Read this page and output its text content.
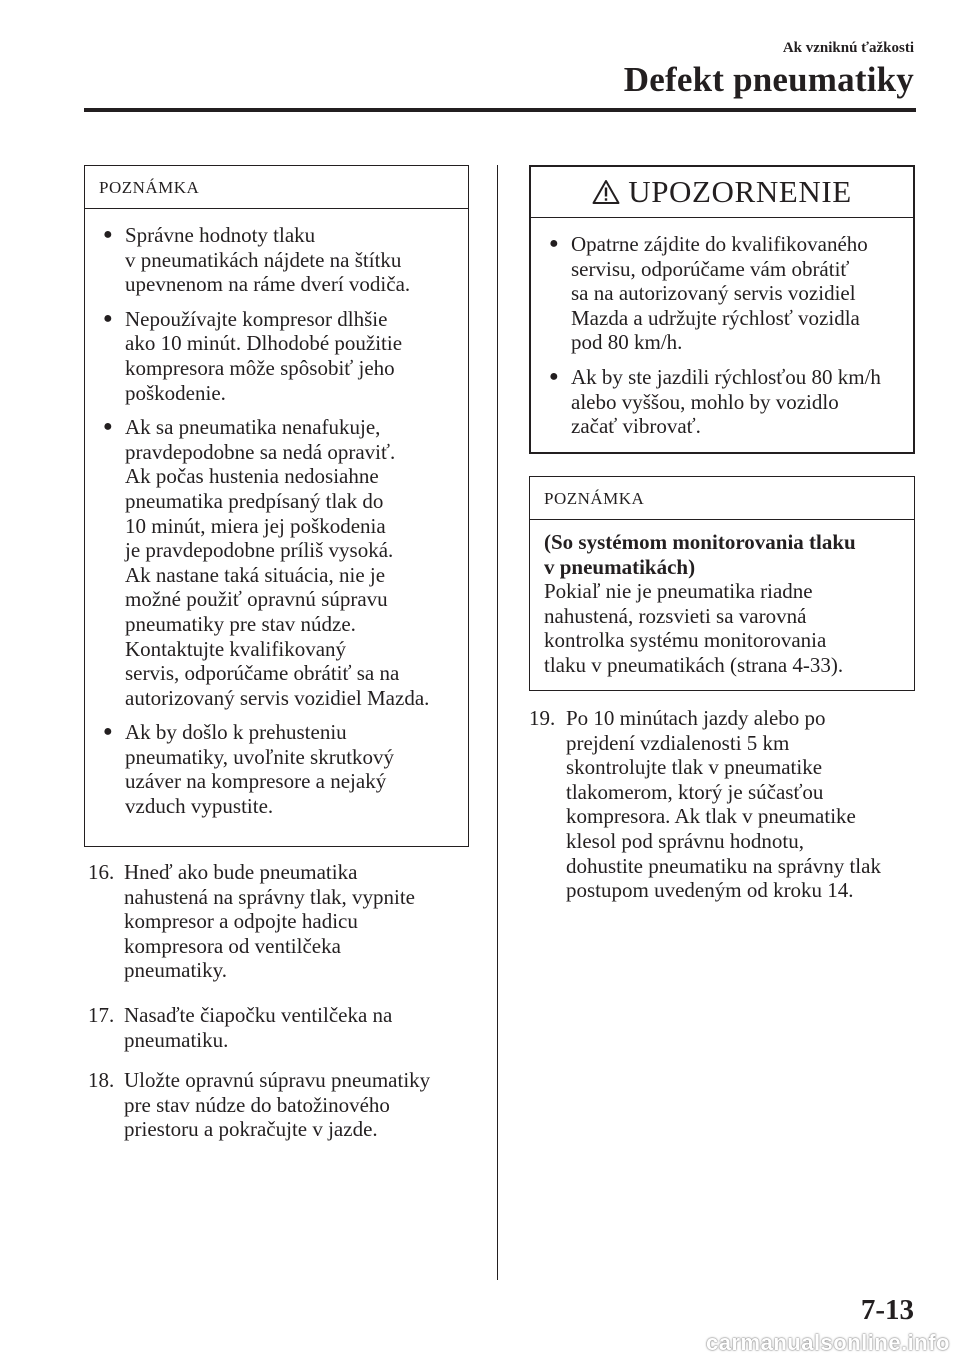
Ak vzniknú ťažkosti
Defekt pneumatiky
POZNÁMKA
● Správne hodnoty tlaku
v pneumatikách nájdete na štítku
upevnenom na ráme dverí vodiča.
● Nepoužívajte kompresor dlhšie
ako 10 minút. Dlhodobé použitie
kompresora môže spôsobiť jeho
poškodenie.
● Ak sa pneumatika nenafukuje,
pravdepodobne sa nedá opraviť.
Ak počas hustenia nedosiahne
pneumatika predpísaný tlak do
10 minút, miera jej poškodenia
je pravdepodobne príliš vysoká.
Ak nastane taká situácia, nie je
možné použiť opravnú súpravu
pneumatiky pre stav núdze.
Kontaktujte kvalifikovaný
servis, odporúčame obrátiť sa na
autorizovaný servis vozidiel Mazda.
● Ak by došlo k prehusteniu
pneumatiky, uvoľnite skrutkový
uzáver na kompresore a nejaký
vzduch vypustite.
16. Hneď ako bude pneumatika
nahustená na správny tlak, vypnite
kompresor a odpojte hadicu
kompresora od ventilčeka
pneumatiky.
17. Nasaďte čiapočku ventilčeka na
pneumatiku.
18. Uložte opravnú súpravu pneumatiky
pre stav núdze do batožinového
priestoru a pokračujte v jazde.
UPOZORNENIE
● Opatrne zájdite do kvalifikovaného
servisu, odporúčame vám obrátiť
sa na autorizovaný servis vozidiel
Mazda a udržujte rýchlosť vozidla
pod 80 km/h.
● Ak by ste jazdili rýchlosťou 80 km/h
alebo vyššou, mohlo by vozidlo
začať vibrovať.
POZNÁMKA
(So systémom monitorovania tlaku
v pneumatikách)
Pokiaľ nie je pneumatika riadne
nahustená, rozsvieti sa varovná
kontrolka systému monitorovania
tlaku v pneumatikách (strana 4-33).
19. Po 10 minútach jazdy alebo po
prejdení vzdialenosti 5 km
skontrolujte tlak v pneumatike
tlakomerom, ktorý je súčasťou
kompresora. Ak tlak v pneumatike
klesol pod správnu hodnotu,
dohustite pneumatiku na správny tlak
postupom uvedeným od kroku 14.
7-13
carmanualsonline.info
